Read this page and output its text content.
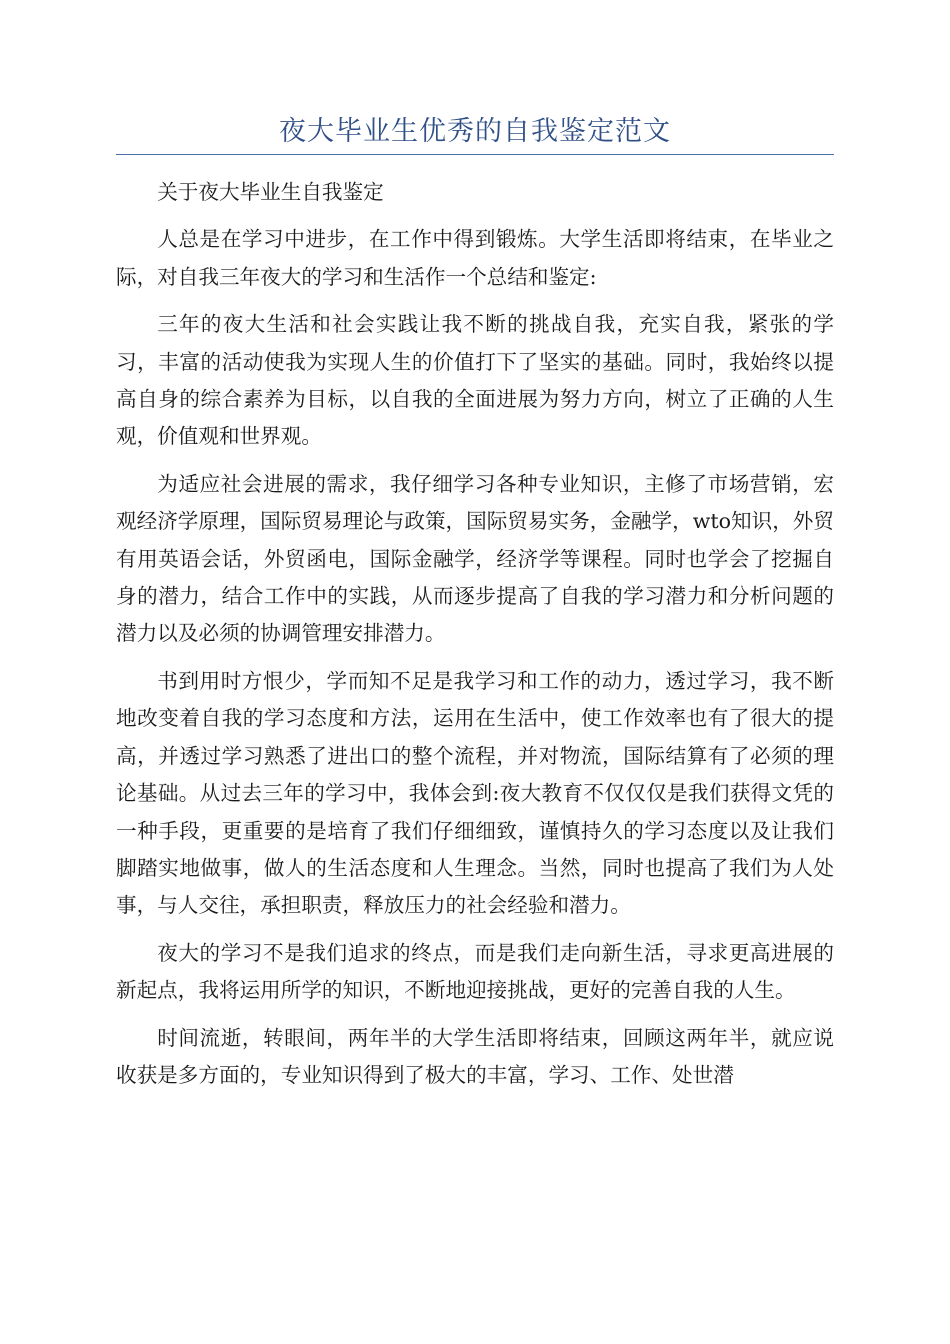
夜大毕业生优秀的自我鉴定范文

关于夜大毕业生自我鉴定

人总是在学习中进步，在工作中得到锻炼。大学生活即将结束，在毕业之际，对自我三年夜大的学习和生活作一个总结和鉴定:

三年的夜大生活和社会实践让我不断的挑战自我，充实自我，紧张的学习，丰富的活动使我为实现人生的价值打下了坚实的基础。同时，我始终以提高自身的综合素养为目标，以自我的全面进展为努力方向，树立了正确的人生观，价值观和世界观。

为适应社会进展的需求，我仔细学习各种专业知识，主修了市场营销，宏观经济学原理，国际贸易理论与政策，国际贸易实务，金融学，wto知识，外贸有用英语会话，外贸函电，国际金融学，经济学等课程。同时也学会了挖掘自身的潜力，结合工作中的实践，从而逐步提高了自我的学习潜力和分析问题的潜力以及必须的协调管理安排潜力。

书到用时方恨少，学而知不足是我学习和工作的动力，透过学习，我不断地改变着自我的学习态度和方法，运用在生活中，使工作效率也有了很大的提高，并透过学习熟悉了进出口的整个流程，并对物流，国际结算有了必须的理论基础。从过去三年的学习中，我体会到:夜大教育不仅仅仅是我们获得文凭的一种手段，更重要的是培育了我们仔细细致，谨慎持久的学习态度以及让我们脚踏实地做事，做人的生活态度和人生理念。当然，同时也提高了我们为人处事，与人交往，承担职责，释放压力的社会经验和潜力。

夜大的学习不是我们追求的终点，而是我们走向新生活，寻求更高进展的新起点，我将运用所学的知识，不断地迎接挑战，更好的完善自我的人生。

时间流逝，转眼间，两年半的大学生活即将结束，回顾这两年半，就应说收获是多方面的，专业知识得到了极大的丰富，学习、工作、处世潜
